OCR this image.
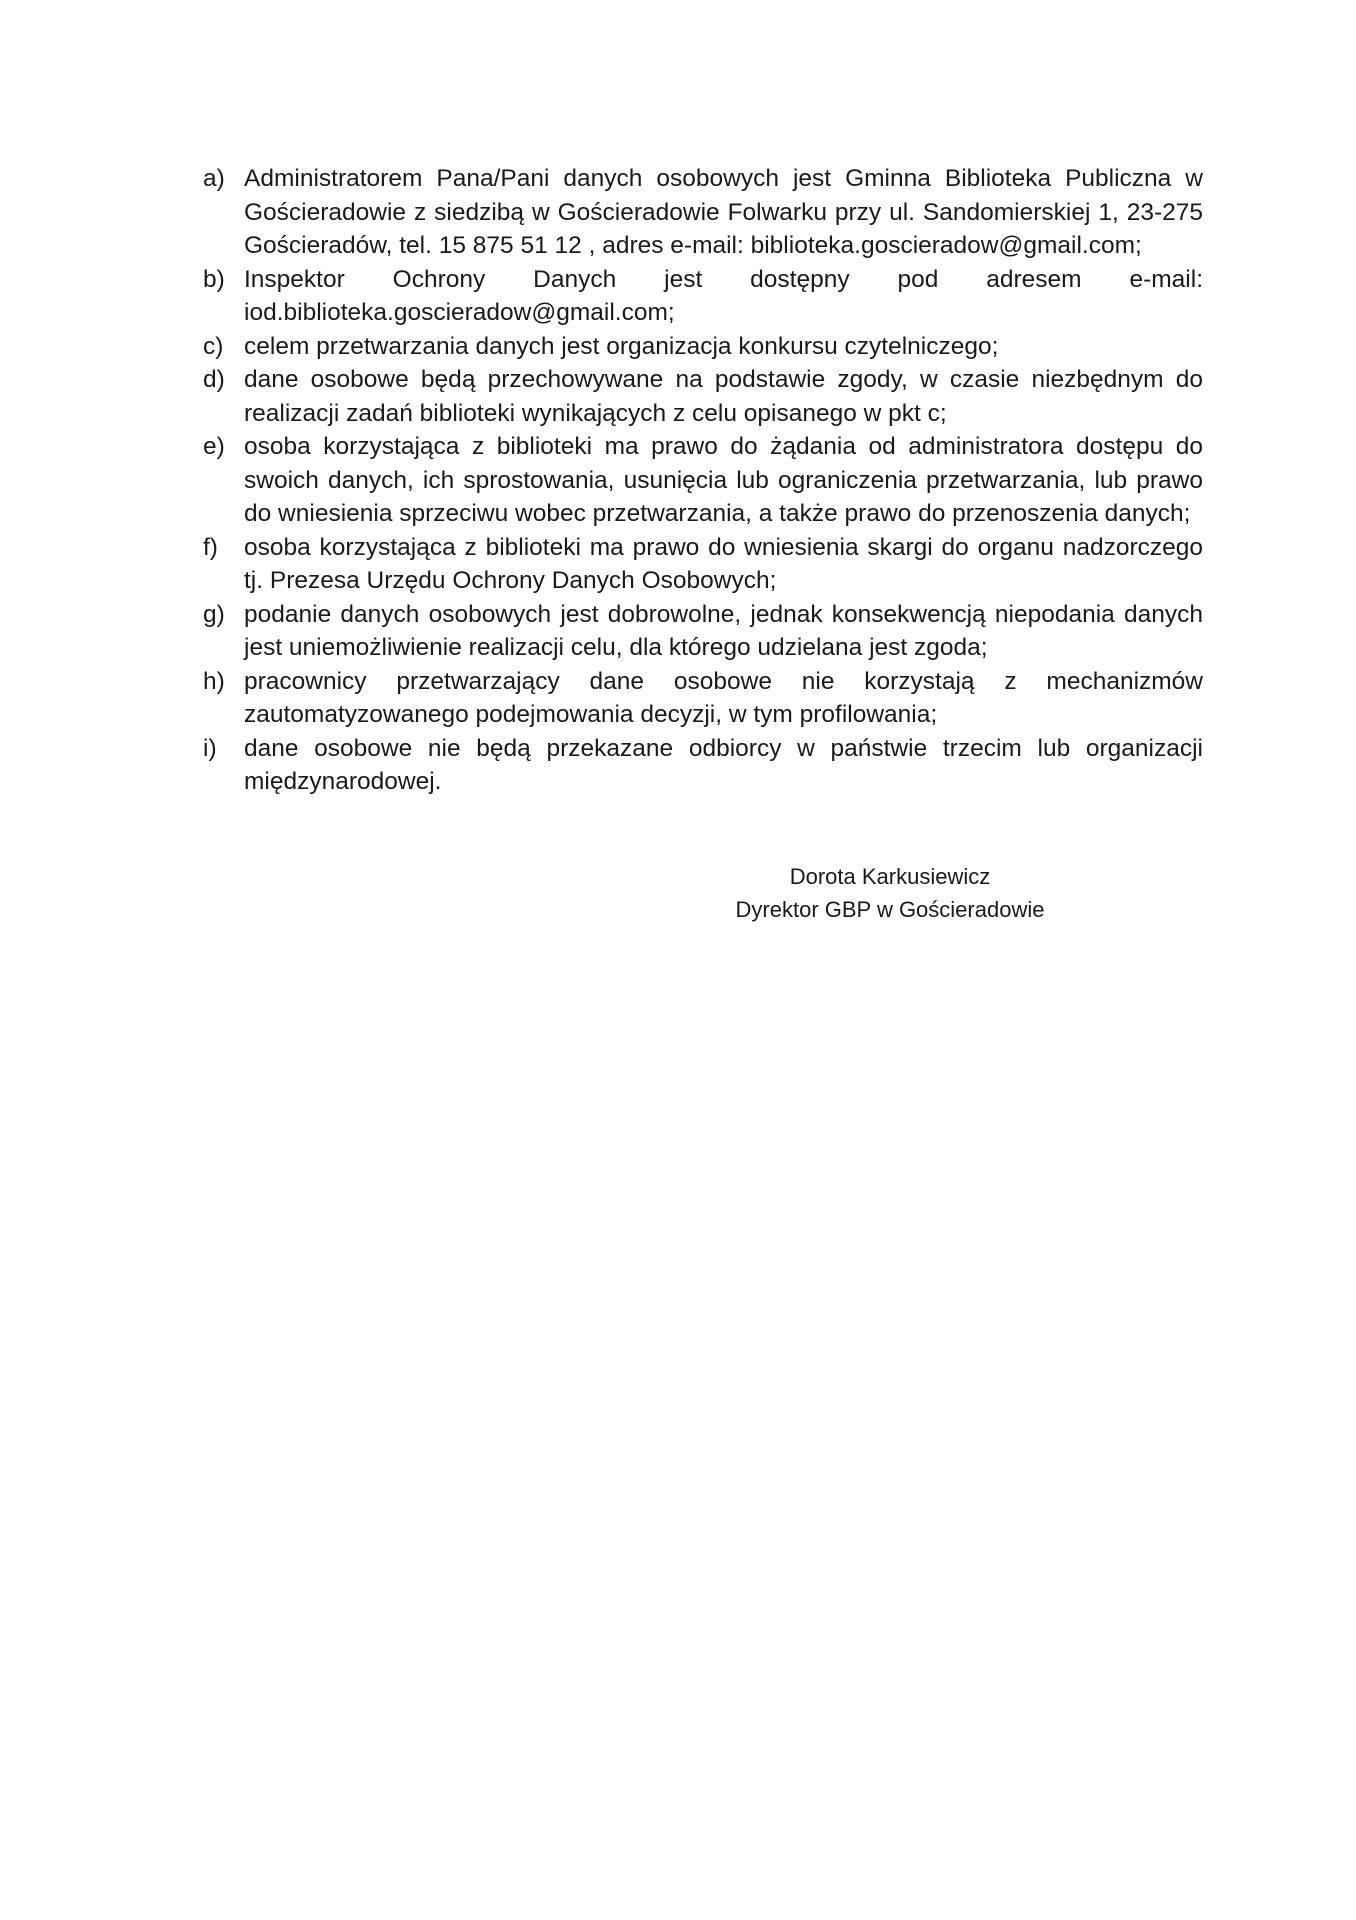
a) Administratorem Pana/Pani danych osobowych jest Gminna Biblioteka Publiczna w Gościeradowie z siedzibą w Gościeradowie Folwarku przy ul. Sandomierskiej 1, 23-275 Gościeradów, tel. 15 875 51 12 , adres e-mail: biblioteka.goscieradow@gmail.com;
b) Inspektor Ochrony Danych jest dostępny pod adresem e-mail: iod.biblioteka.goscieradow@gmail.com;
c) celem przetwarzania danych jest organizacja konkursu czytelniczego;
d) dane osobowe będą przechowywane na podstawie zgody, w czasie niezbędnym do realizacji zadań biblioteki wynikających z celu opisanego w pkt c;
e) osoba korzystająca z biblioteki ma prawo do żądania od administratora dostępu do swoich danych, ich sprostowania, usunięcia lub ograniczenia przetwarzania, lub prawo do wniesienia sprzeciwu wobec przetwarzania, a także prawo do przenoszenia danych;
f)	osoba korzystająca z biblioteki ma prawo do wniesienia skargi do organu nadzorczego tj. Prezesa Urzędu Ochrony Danych Osobowych;
g) podanie danych osobowych jest dobrowolne, jednak konsekwencją niepodania danych jest uniemożliwienie realizacji celu, dla którego udzielana jest zgoda;
h) pracownicy przetwarzający dane osobowe nie korzystają z mechanizmów zautomatyzowanego podejmowania decyzji, w tym profilowania;
i)	dane osobowe nie będą przekazane odbiorcy w państwie trzecim lub organizacji międzynarodowej.
Dorota Karkusiewicz
Dyrektor GBP w Gościeradowie
